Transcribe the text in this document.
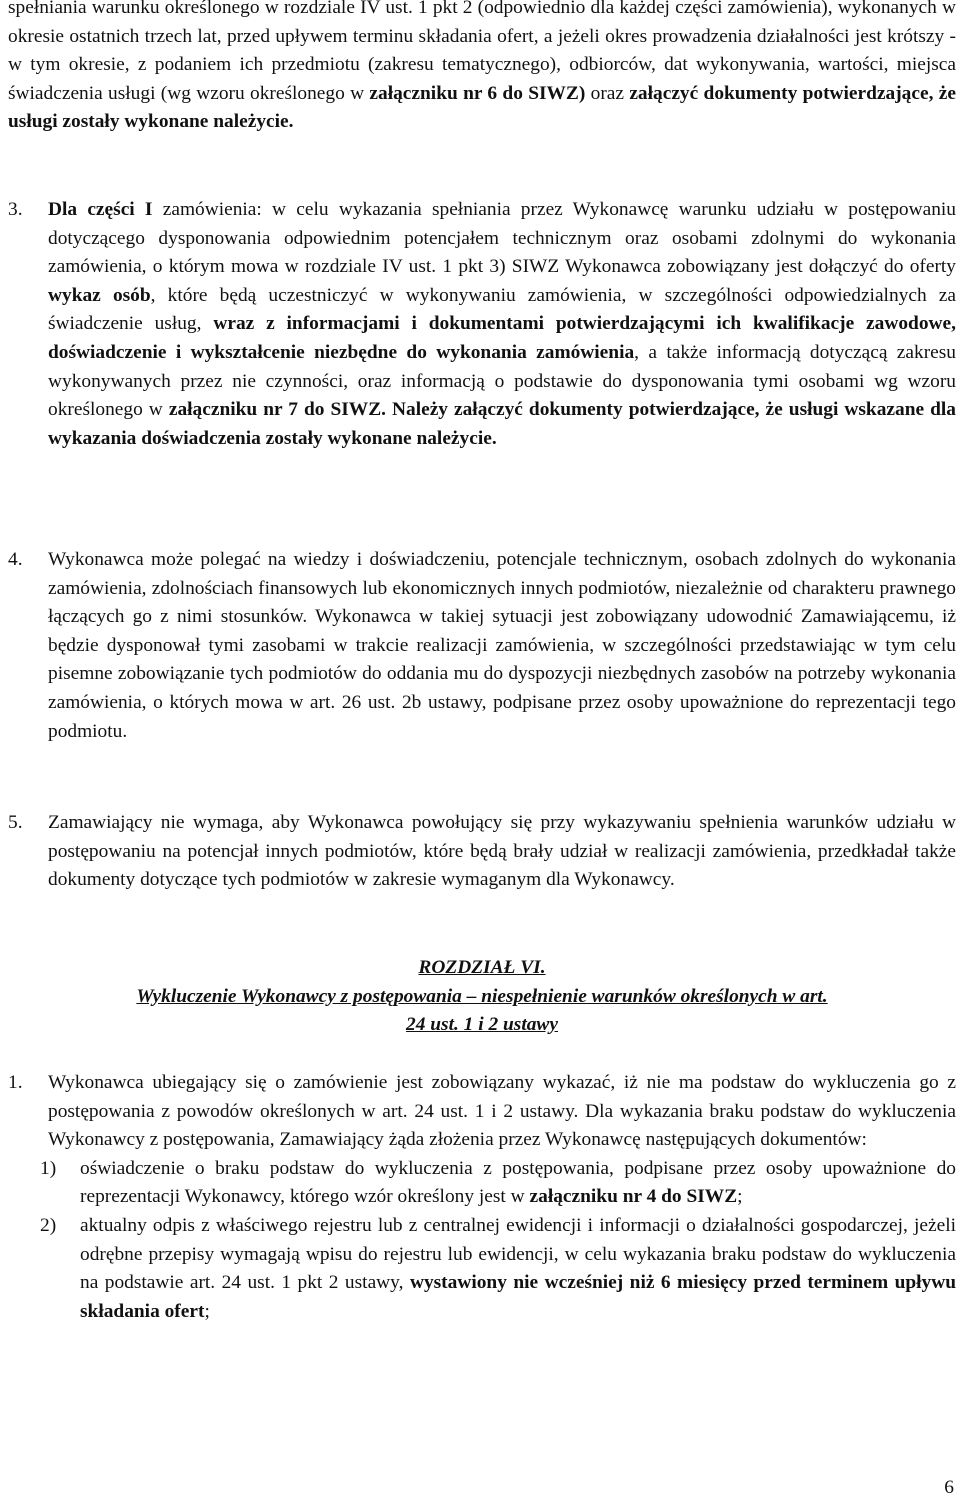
spełniania warunku określonego w rozdziale IV ust. 1 pkt 2 (odpowiednio dla każdej części zamówienia), wykonanych w okresie ostatnich trzech lat, przed upływem terminu składania ofert, a jeżeli okres prowadzenia działalności jest krótszy - w tym okresie, z podaniem ich przedmiotu (zakresu tematycznego), odbiorców, dat wykonywania, wartości, miejsca świadczenia usługi (wg wzoru określonego w załączniku nr 6 do SIWZ) oraz załączyć dokumenty potwierdzające, że usługi zostały wykonane należycie.

3.	Dla części I zamówienia: w celu wykazania spełniania przez Wykonawcę warunku udziału w postępowaniu dotyczącego dysponowania odpowiednim potencjałem technicznym oraz osobami zdolnymi do wykonania zamówienia, o którym mowa w rozdziale IV ust. 1 pkt 3) SIWZ Wykonawca zobowiązany jest dołączyć do oferty wykaz osób, które będą uczestniczyć w wykonywaniu zamówienia, w szczególności odpowiedzialnych za świadczenie usług, wraz z informacjami i dokumentami potwierdzającymi ich kwalifikacje zawodowe, doświadczenie i wykształcenie niezbędne do wykonania zamówienia, a także informacją dotyczącą zakresu wykonywanych przez nie czynności, oraz informacją o podstawie do dysponowania tymi osobami wg wzoru określonego w załączniku nr 7 do SIWZ. Należy załączyć dokumenty potwierdzające, że usługi wskazane dla wykazania doświadczenia zostały wykonane należycie.
4.	Wykonawca może polegać na wiedzy i doświadczeniu, potencjale technicznym, osobach zdolnych do wykonania zamówienia, zdolnościach finansowych lub ekonomicznych innych podmiotów, niezależnie od charakteru prawnego łączących go z nimi stosunków. Wykonawca w takiej sytuacji jest zobowiązany udowodnić Zamawiającemu, iż będzie dysponował tymi zasobami w trakcie realizacji zamówienia, w szczególności przedstawiając w tym celu pisemne zobowiązanie tych podmiotów do oddania mu do dyspozycji niezbędnych zasobów na potrzeby wykonania zamówienia, o których mowa w art. 26 ust. 2b ustawy, podpisane przez osoby upoważnione do reprezentacji tego podmiotu.
5.	Zamawiający nie wymaga, aby Wykonawca powołujący się przy wykazywaniu spełnienia warunków udziału w postępowaniu na potencjał innych podmiotów, które będą brały udział w realizacji zamówienia, przedkładał także dokumenty dotyczące tych podmiotów w zakresie wymaganym dla Wykonawcy.

ROZDZIAŁ VI.

Wykluczenie Wykonawcy z postępowania – niespełnienie warunków określonych w art.
24 ust. 1 i 2 ustawy

1.	Wykonawca ubiegający się o zamówienie jest zobowiązany wykazać, iż nie ma podstaw do wykluczenia go z postępowania z powodów określonych w art. 24 ust. 1 i 2 ustawy. Dla wykazania braku podstaw do wykluczenia Wykonawcy z postępowania, Zamawiający żąda złożenia przez Wykonawcę następujących dokumentów:
1)	oświadczenie o braku podstaw do wykluczenia z postępowania, podpisane przez osoby upoważnione do reprezentacji Wykonawcy, którego wzór określony jest w załączniku nr 4 do SIWZ;
2)	aktualny odpis z właściwego rejestru lub z centralnej ewidencji i informacji o działalności gospodarczej, jeżeli odrębne przepisy wymagają wpisu do rejestru lub ewidencji, w celu wykazania braku podstaw do wykluczenia na podstawie art. 24 ust. 1 pkt 2 ustawy, wystawiony nie wcześniej niż 6 miesięcy przed terminem upływu składania ofert;
6
